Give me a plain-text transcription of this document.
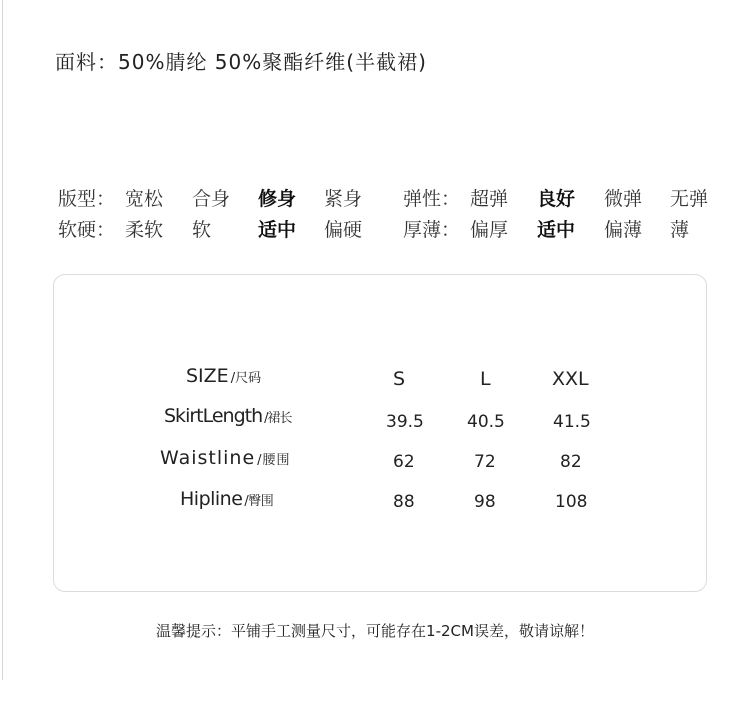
面料：50%腈纶 50%聚酯纤维(半截裙)
版型： 宽松 合身 修身 紧身 弹性： 超弹 良好 微弹 无弹
软硬： 柔软 软 适中 偏硬 厚薄： 偏厚 适中 偏薄 薄
SIZE /尺码	S	L	XXL
SkirtLength /裙长	39.5	40.5	41.5
Waistline /腰围	62	72	82
Hipline /臀围	88	98	108
温馨提示：平铺手工测量尺寸，可能存在1-2CM误差，敬请谅解！
